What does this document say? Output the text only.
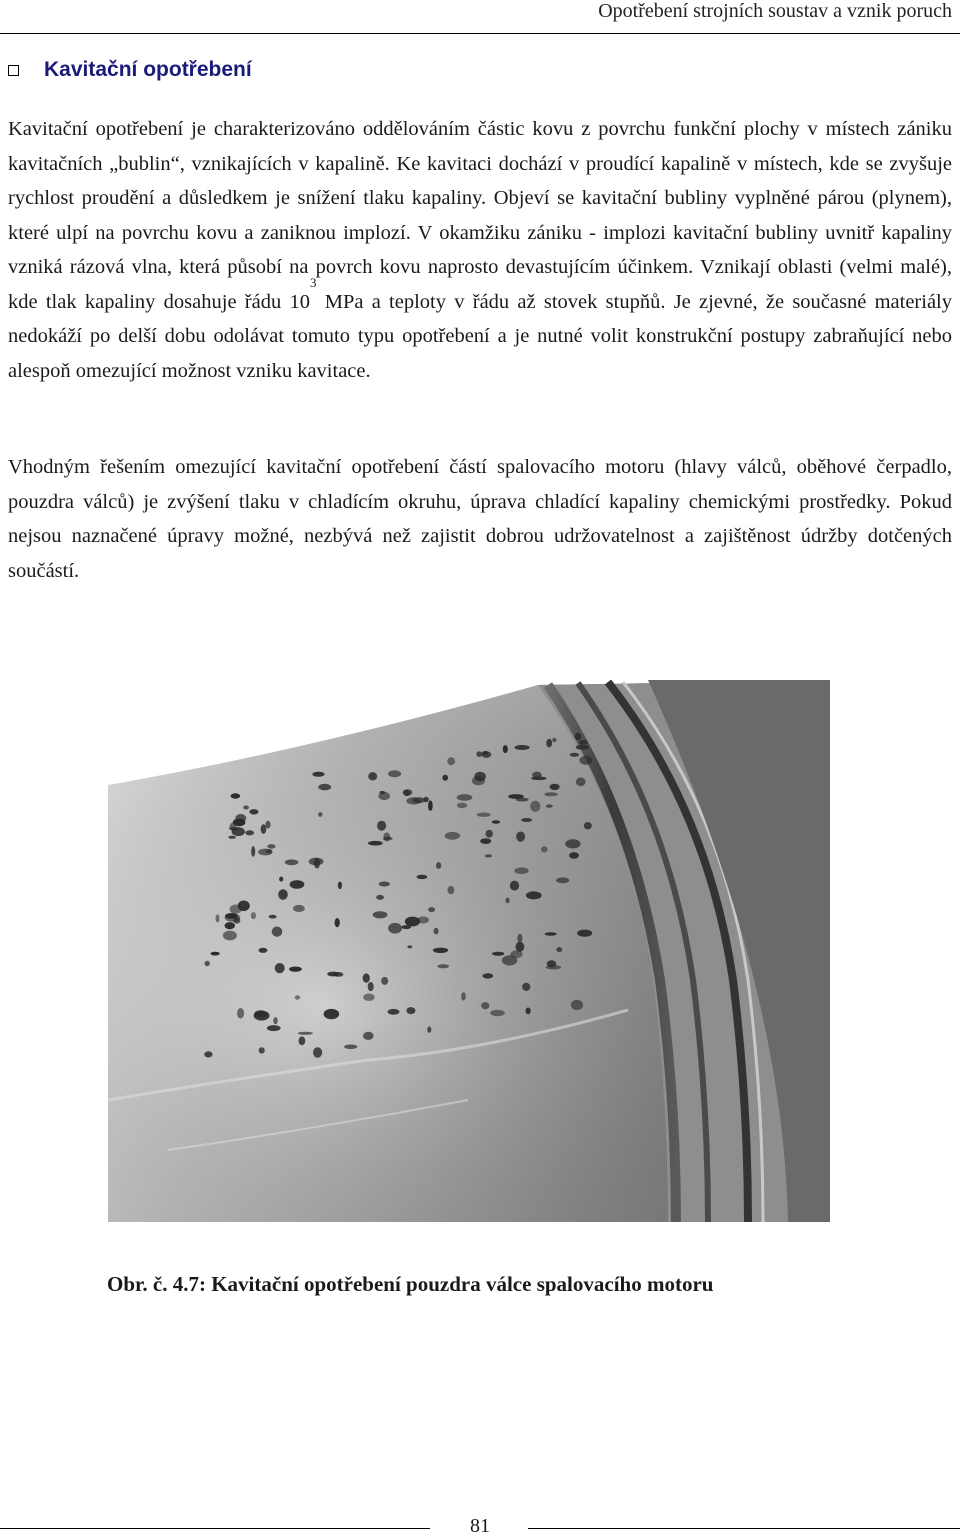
Opotřebení strojních soustav a vznik poruch
Kavitační opotřebení

Kavitační opotřebení je charakterizováno oddělováním částic kovu z povrchu funkční plochy v místech zániku kavitačních „bublin“, vznikajících v kapalině. Ke kavitaci dochází v proudící kapalině v místech, kde se zvyšuje rychlost proudění a důsledkem je snížení tlaku kapaliny. Objeví se kavitační bubliny vyplněné párou (plynem), které ulpí na povrchu kovu a zaniknou implozí. V okamžiku zániku - implozi kavitační bubliny uvnitř kapaliny vzniká rázová vlna, která působí na povrch kovu naprosto devastujícím účinkem. Vznikají oblasti (velmi malé), kde tlak kapaliny dosahuje řádu $10^3$ MPa a teploty v řádu až stovek stupňů. Je zjevné, že současné materiály nedokáží po delší dobu odolávat tomuto typu opotřebení a je nutné volit konstrukční postupy zabraňující nebo alespoň omezující možnost vzniku kavitace.

Vhodným řešením omezující kavitační opotřebení částí spalovacího motoru (hlavy válců, oběhové čerpadlo, pouzdra válců) je zvýšení tlaku v chladícím okruhu, úprava chladící kapaliny chemickými prostředky. Pokud nejsou naznačené úpravy možné, nezbývá než zajistit dobrou udržovatelnost a zajištěnost údržby dotčených součástí.

Obr. č. 4.7: Kavitační opotřebení pouzdra válce spalovacího motoru

81
